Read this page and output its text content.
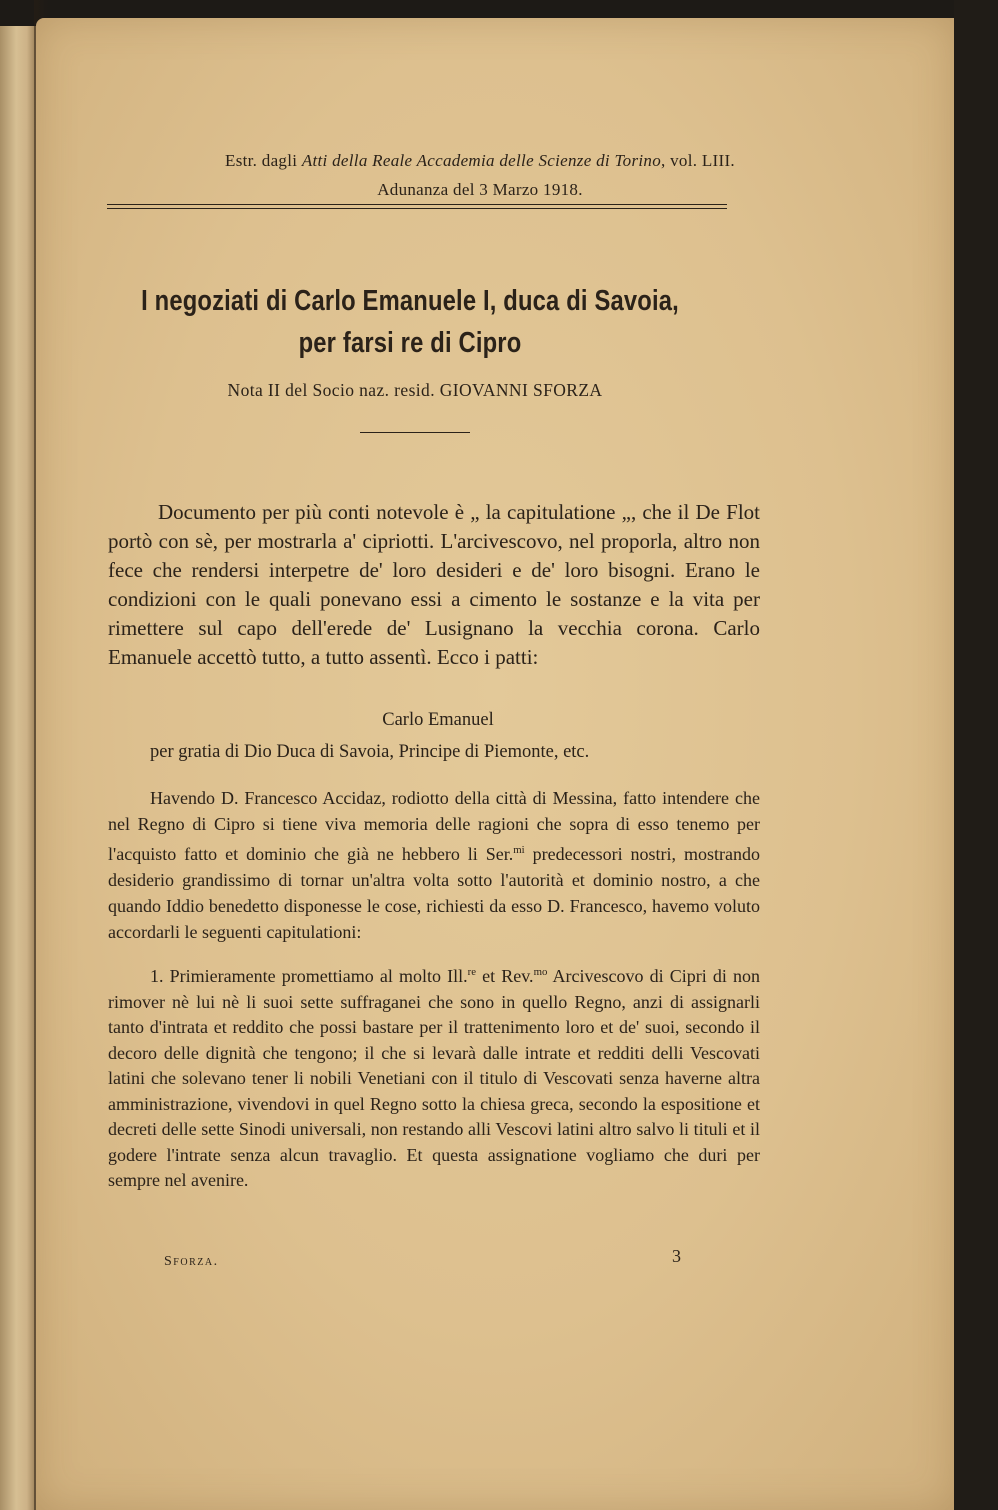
Estr. dagli Atti della Reale Accademia delle Scienze di Torino, vol. LIII.
Adunanza del 3 Marzo 1918.
I negoziati di Carlo Emanuele I, duca di Savoia,
per farsi re di Cipro
Nota II del Socio naz. resid. GIOVANNI SFORZA
Documento per più conti notevole è „ la capitulatione „, che il De Flot portò con sè, per mostrarla a' cipriotti. L'arcivescovo, nel proporla, altro non fece che rendersi interpetre de' loro desideri e de' loro bisogni. Erano le condizioni con le quali ponevano essi a cimento le sostanze e la vita per rimettere sul capo dell'erede de' Lusignano la vecchia corona. Carlo Emanuele accettò tutto, a tutto assentì. Ecco i patti:
Carlo Emanuel
per gratia di Dio Duca di Savoia, Principe di Piemonte, etc.
Havendo D. Francesco Accidaz, rodiotto della città di Messina, fatto intendere che nel Regno di Cipro si tiene viva memoria delle ragioni che sopra di esso tenemo per l'acquisto fatto et dominio che già ne hebbero li Ser.$^{mi}$ predecessori nostri, mostrando desiderio grandissimo di tornar un'altra volta sotto l'autorità et dominio nostro, a che quando Iddio benedetto disponesse le cose, richiesti da esso D. Francesco, havemo voluto accordarli le seguenti capitulationi:
1. Primieramente promettiamo al molto Ill.$^{re}$ et Rev.$^{mo}$ Arcivescovo di Cipri di non rimover nè lui nè li suoi sette suffraganei che sono in quello Regno, anzi di assignarli tanto d'intrata et reddito che possi bastare per il trattenimento loro et de' suoi, secondo il decoro delle dignità che tengono; il che si levarà dalle intrate et redditi delli Vescovati latini che solevano tener li nobili Venetiani con il titulo di Vescovati senza haverne altra amministrazione, vivendovi in quel Regno sotto la chiesa greca, secondo la espositione et decreti delle sette Sinodi universali, non restando alli Vescovi latini altro salvo li tituli et il godere l'intrate senza alcun travaglio. Et questa assignatione vogliamo che duri per sempre nel avenire.
Sforza.	3
